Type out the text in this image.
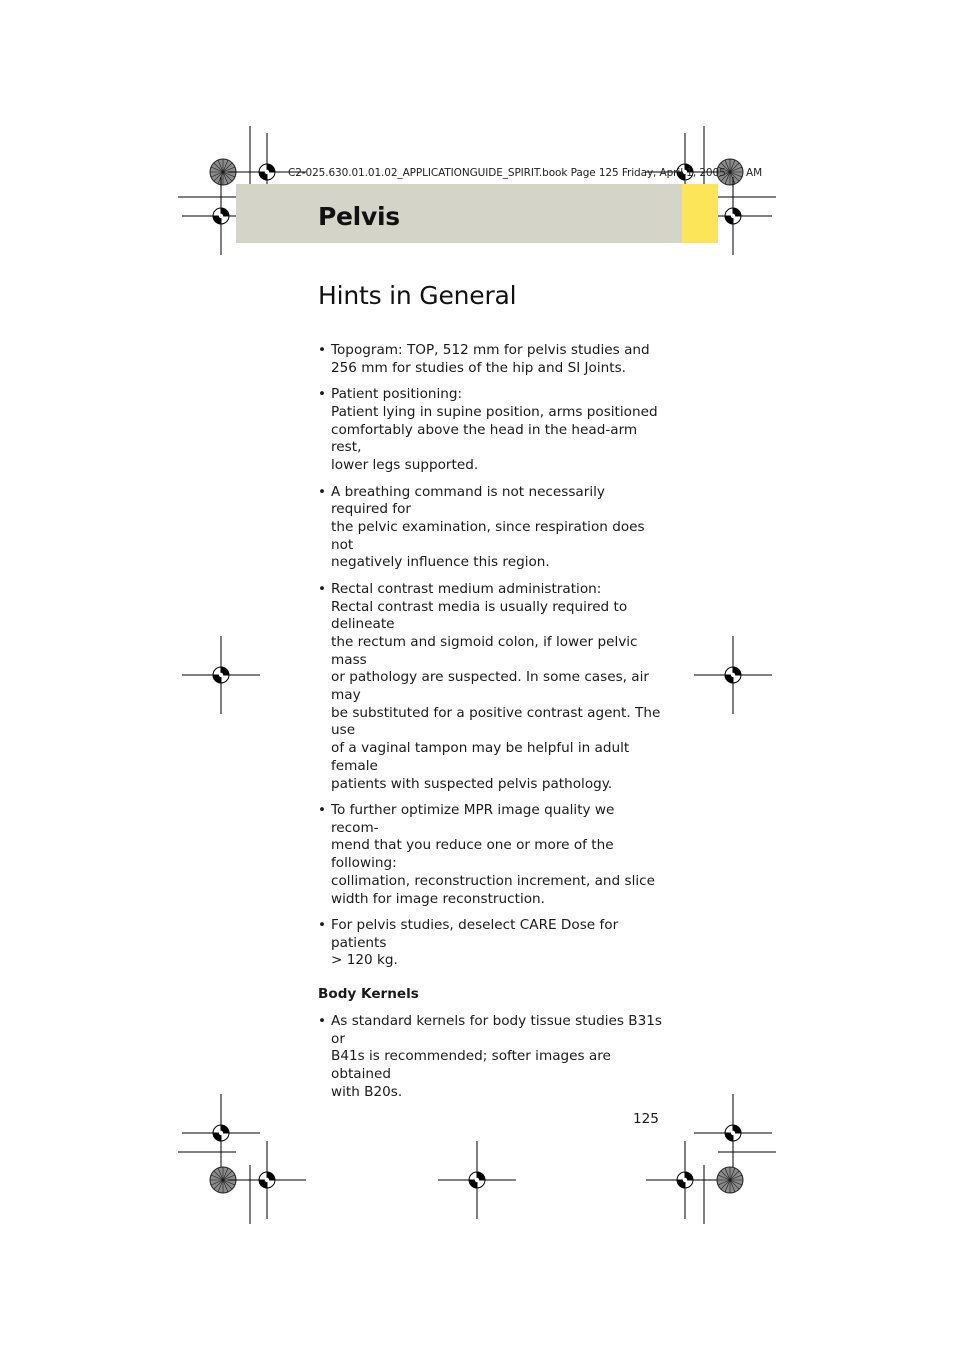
C2-025.630.01.01.02_APPLICATIONGUIDE_SPIRIT.book Page 125 Friday, April 1, 2005 AM
Pelvis
Hints in General
• Topogram: TOP, 512 mm for pelvis studies and
256 mm for studies of the hip and SI Joints.
• Patient positioning:
Patient lying in supine position, arms positioned
comfortably above the head in the head-arm rest,
lower legs supported.
• A breathing command is not necessarily required for
the pelvic examination, since respiration does not
negatively influence this region.
• Rectal contrast medium administration:
Rectal contrast media is usually required to delineate
the rectum and sigmoid colon, if lower pelvic mass
or pathology are suspected. In some cases, air may
be substituted for a positive contrast agent. The use
of a vaginal tampon may be helpful in adult female
patients with suspected pelvis pathology.
• To further optimize MPR image quality we recom-
mend that you reduce one or more of the following:
collimation, reconstruction increment, and slice
width for image reconstruction.
• For pelvis studies, deselect CARE Dose for patients
> 120 kg.
Body Kernels
• As standard kernels for body tissue studies B31s or
B41s is recommended; softer images are obtained
with B20s.
125
